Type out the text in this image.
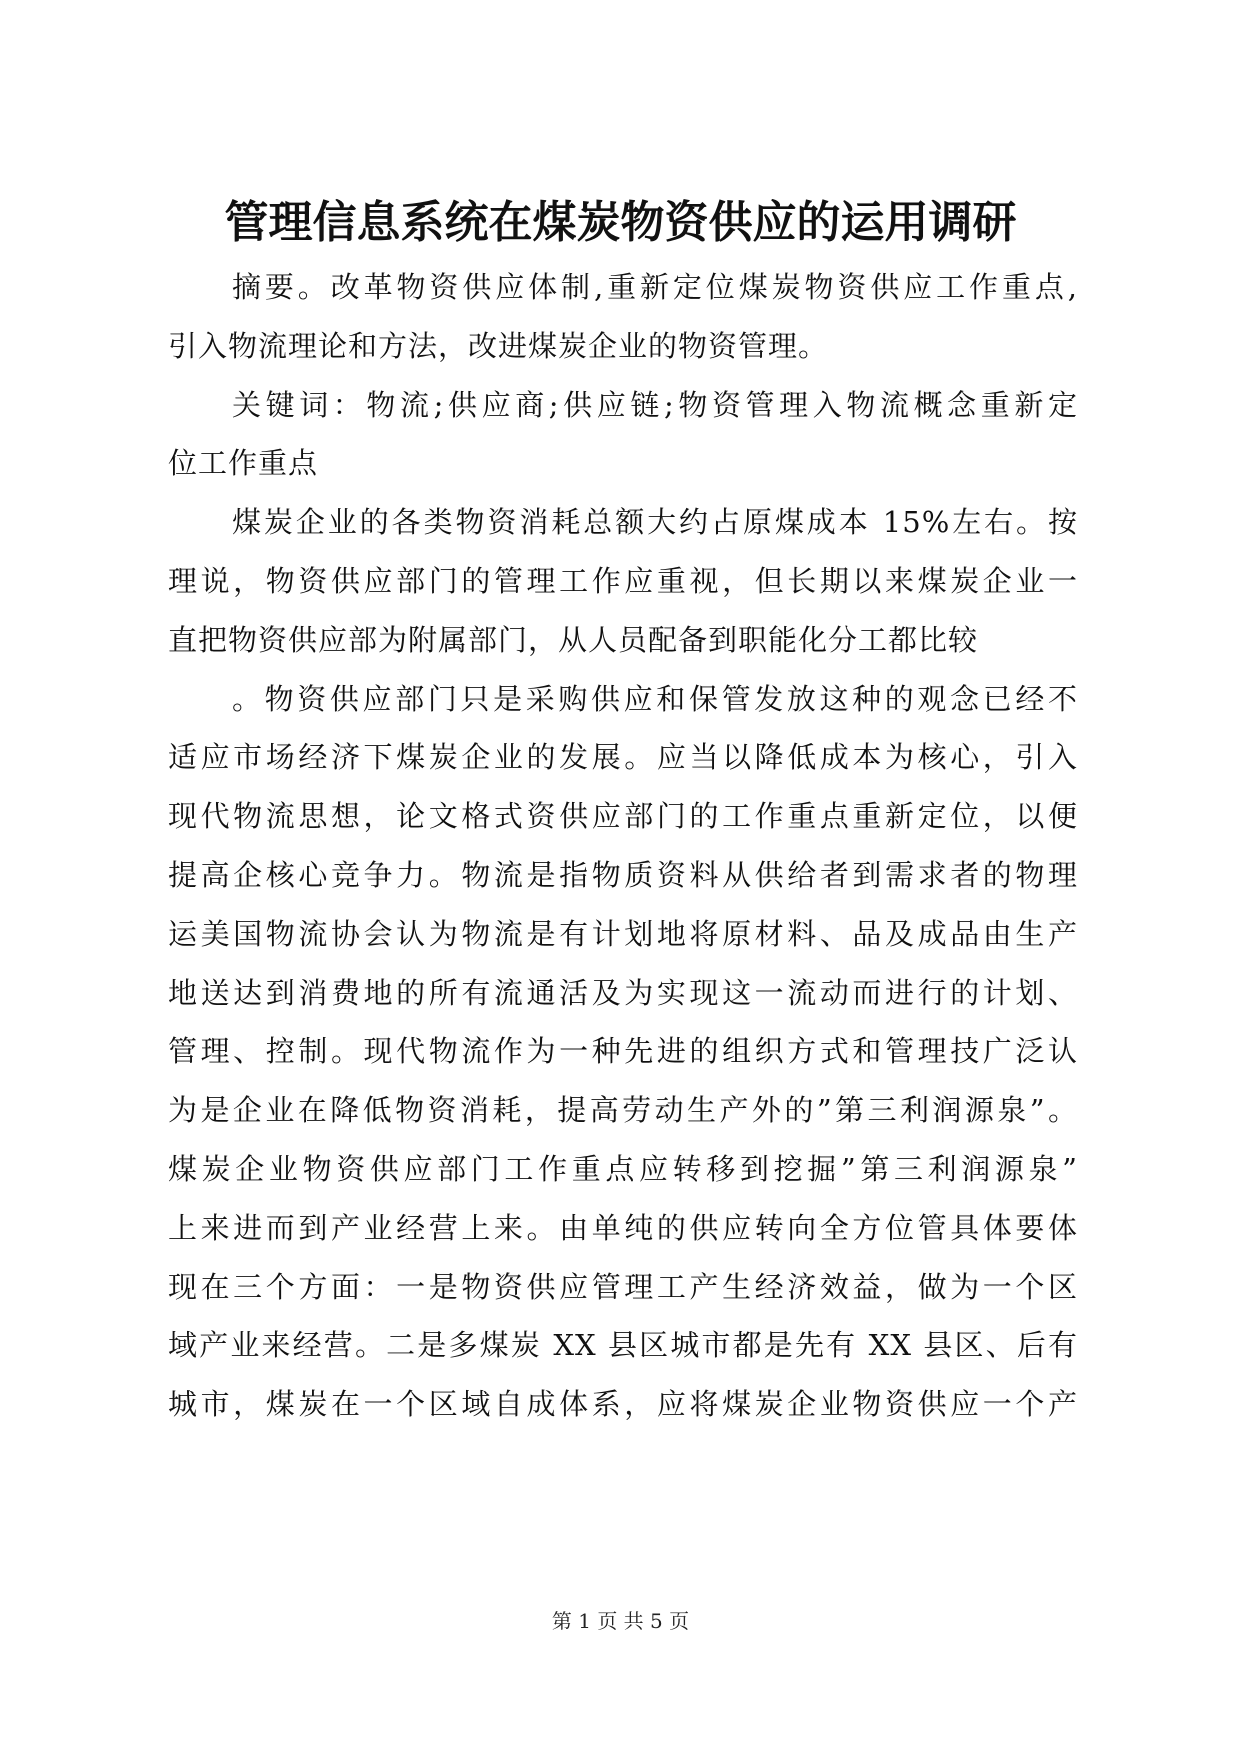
管理信息系统在煤炭物资供应的运用调研
摘要。改革物资供应体制,重新定位煤炭物资供应工作重点,
引入物流理论和方法，改进煤炭企业的物资管理。
关键词：物流;供应商;供应链;物资管理入物流概念重新定
位工作重点
煤炭企业的各类物资消耗总额大约占原煤成本 15%左右。按
理说，物资供应部门的管理工作应重视，但长期以来煤炭企业一
直把物资供应部为附属部门，从人员配备到职能化分工都比较
。物资供应部门只是采购供应和保管发放这种的观念已经不
适应市场经济下煤炭企业的发展。应当以降低成本为核心，引入
现代物流思想，论文格式资供应部门的工作重点重新定位，以便
提高企核心竞争力。物流是指物质资料从供给者到需求者的物理
运美国物流协会认为物流是有计划地将原材料、品及成品由生产
地送达到消费地的所有流通活及为实现这一流动而进行的计划、
管理、控制。现代物流作为一种先进的组织方式和管理技广泛认
为是企业在降低物资消耗，提高劳动生产外的”第三利润源泉”。
煤炭企业物资供应部门工作重点应转移到挖掘”第三利润源泉”
上来进而到产业经营上来。由单纯的供应转向全方位管具体要体
现在三个方面：一是物资供应管理工产生经济效益，做为一个区
域产业来经营。二是多煤炭 XX 县区城市都是先有 XX 县区、后有
城市，煤炭在一个区域自成体系，应将煤炭企业物资供应一个产
第 1 页 共 5 页
